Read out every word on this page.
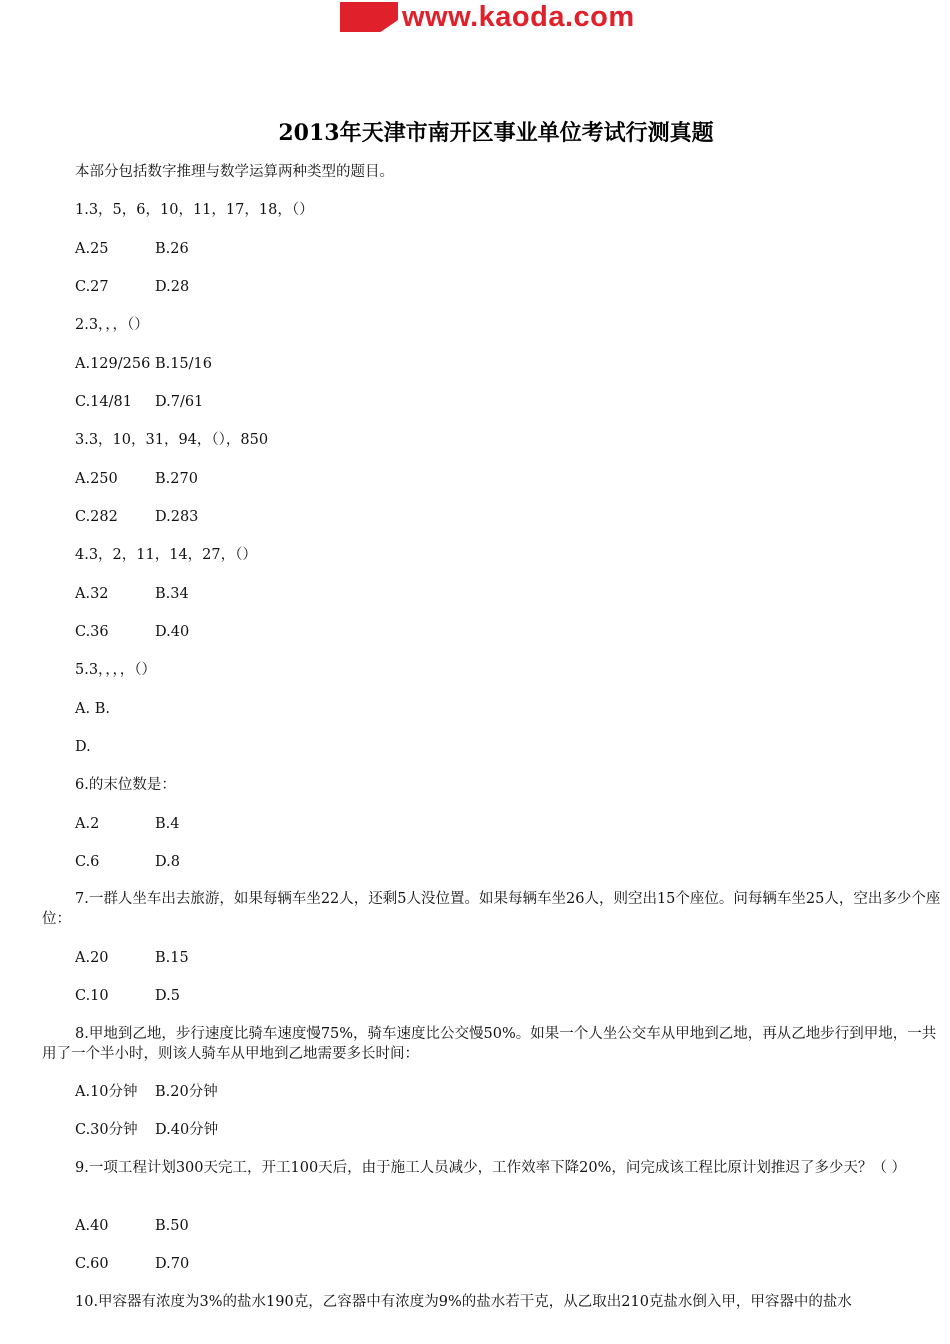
www.kaoda.com
2013年天津市南开区事业单位考试行测真题
本部分包括数字推理与数学运算两种类型的题目。
1.3，5，6，10，11，17，18，（）
A.25	B.26
C.27	D.28
2.3，，，（）
A.129/256 B.15/16
C.14/81 D.7/61
3.3，10，31，94，（），850
A.250	B.270
C.282	D.283
4.3，2，11，14，27，（）
A.32	B.34
C.36	D.40
5.3，，，，（）
A. B.
D.
6.的末位数是：
A.2	B.4
C.6	D.8
7.一群人坐车出去旅游，如果每辆车坐22人，还剩5人没位置。如果每辆车坐26人，则空出15个座位。问每辆车坐25人，空出多少个座位：
A.20	B.15
C.10	D.5
8.甲地到乙地，步行速度比骑车速度慢75%，骑车速度比公交慢50%。如果一个人坐公交车从甲地到乙地，再从乙地步行到甲地，一共用了一个半小时，则该人骑车从甲地到乙地需要多长时间：
A.10分钟 B.20分钟
C.30分钟 D.40分钟
9.一项工程计划300天完工，开工100天后，由于施工人员减少，工作效率下降20%，问完成该工程比原计划推迟了多少天？（ ）
A.40	B.50
C.60	D.70
10.甲容器有浓度为3%的盐水190克，乙容器中有浓度为9%的盐水若干克，从乙取出210克盐水倒入甲，甲容器中的盐水
